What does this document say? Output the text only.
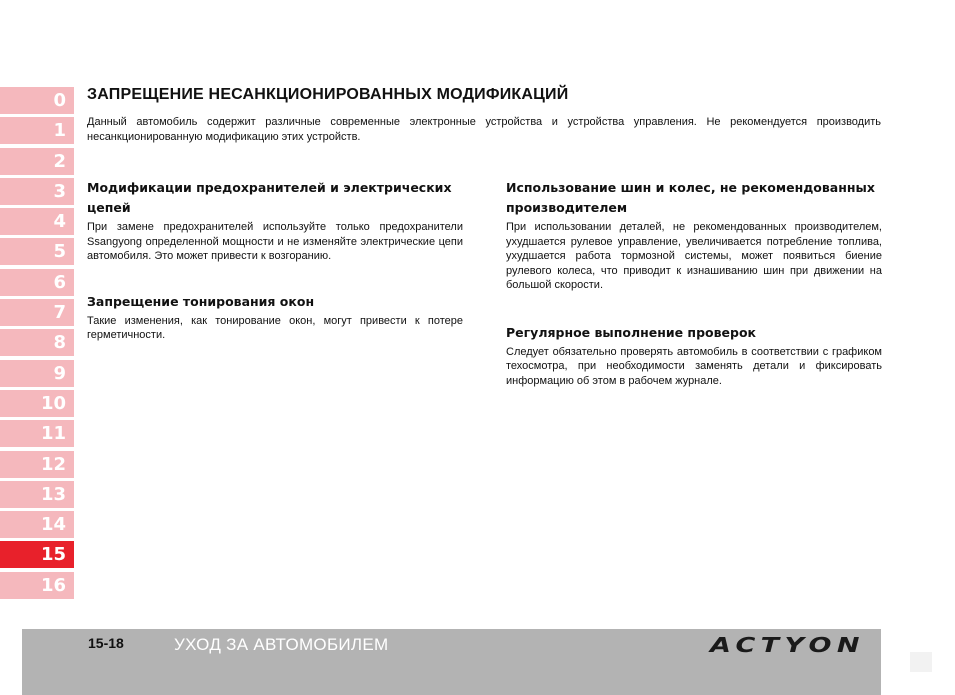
0
1
2
3
4
5
6
7
8
9
10
11
12
13
14
15
16
ЗАПРЕЩЕНИЕ НЕСАНКЦИОНИРОВАННЫХ МОДИФИКАЦИЙ
Данный автомобиль содержит различные современные электронные устройства и устройства управления. Не рекомендуется производить несанкционированную модификацию этих устройств.

Модификации предохранителей и электрических цепей

При замене предохранителей используйте только предохранители Ssangyong определенной мощности и не изменяйте электрические цепи автомобиля. Это может привести к возгоранию.

Запрещение тонирования окон

Такие изменения, как тонирование окон, могут привести к потере герметичности.

Использование шин и колес, не рекомендованных производителем

При использовании деталей, не рекомендованных производителем, ухудшается рулевое управление, увеличивается потребление топлива, ухудшается работа тормозной системы, может появиться биение рулевого колеса, что приводит к изнашиванию шин при движении на большой скорости.

Регулярное выполнение проверок

Следует обязательно проверять автомобиль в соответствии с графиком техосмотра, при необходимости заменять детали и фиксировать информацию об этом в рабочем журнале.

15-18	УХОД ЗА АВТОМОБИЛЕМ	ACTYON
